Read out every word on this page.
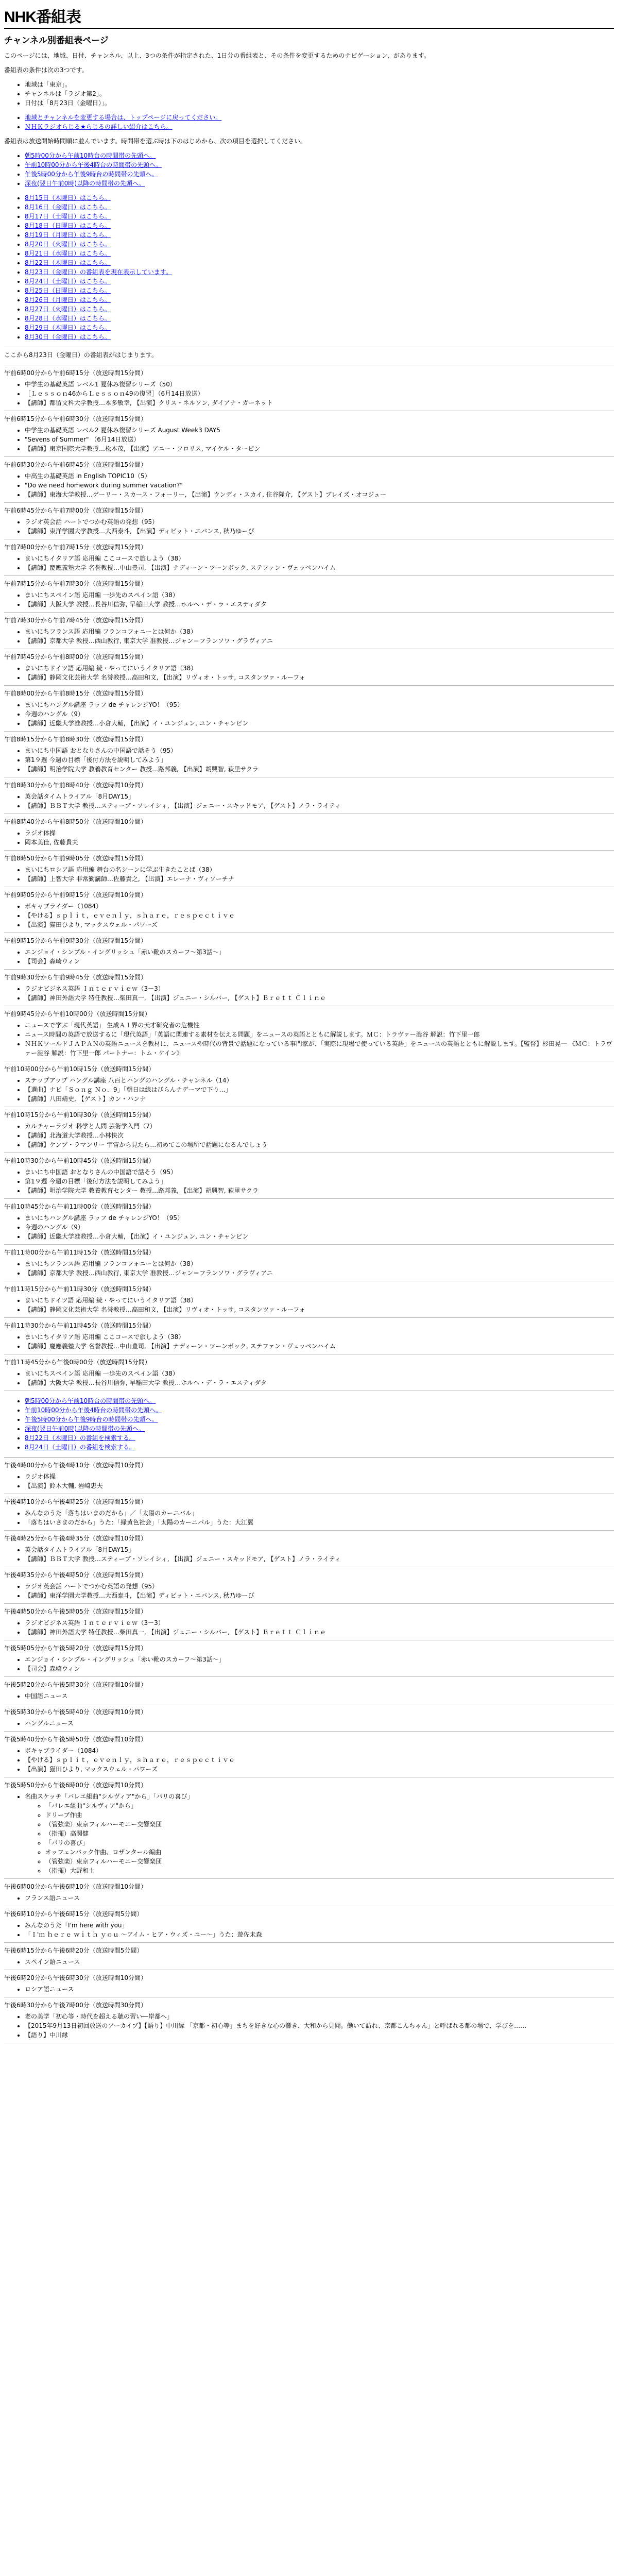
NHK番組表
チャンネル別番組表ページ

このページには、地域、日付、チャンネル、以上、3つの条件が指定された、1日分の番組表と、その条件を変更するためのナビゲーション、があります。

番組表の条件は次の3つです。

• 地域は「東京」。
• チャンネルは「ラジオ第2」。
• 日付は「8月23日（金曜日）」。
• 地域とチャンネルを変更する場合は、トップページに戻ってください。
• ＮＨＫラジオらじる★らじるの詳しい紹介はこちら。

番組表は放送開始時間順に並んでいます。時間帯を選ぶ時は下のはじめから、次の項目を選択してください。

• 朝5時00分から午前10時台の時間帯の先頭へ。
• 午前10時00分から午後4時台の時間帯の先頭へ。
• 午後5時00分から午後9時台の時間帯の先頭へ。
• 深夜(翌日午前0時)以降の時間帯の先頭へ。
• 8月15日（木曜日）はこちら。
• 8月16日（金曜日）はこちら。
• 8月17日（土曜日）はこちら。
• 8月18日（日曜日）はこちら。
• 8月19日（月曜日）はこちら。
• 8月20日（火曜日）はこちら。
• 8月21日（水曜日）はこちら。
• 8月22日（木曜日）はこちら。
• 8月23日（金曜日）の番組表を現在表示しています。
• 8月24日（土曜日）はこちら。
• 8月25日（日曜日）はこちら。
• 8月26日（月曜日）はこちら。
• 8月27日（火曜日）はこちら。
• 8月28日（水曜日）はこちら。
• 8月29日（木曜日）はこちら。
• 8月30日（金曜日）はこちら。

ここから8月23日（金曜日）の番組表がはじまります。

午前6時00分から午前6時15分（放送時間15分間）
• 中学生の基礎英語 レベル1 夏休み復習シリーズ（50）
• ［Ｌｅｓｓｏｎ46からＬｅｓｓｏｎ49の復習］（6月14日放送）
• 【講師】都留文科大学教授…本多敏幸, 【出演】クリス・ネルソン, ダイアナ・ガーネット
午前6時15分から午前6時30分（放送時間15分間）
• 中学生の基礎英語 レベル2 夏休み復習シリーズ August Week3 DAY5
• "Sevens of Summer" （6月14日放送）
• 【講師】東京国際大学教授…松本茂, 【出演】アニー・フロリス, マイケル・ターピン
午前6時30分から午前6時45分（放送時間15分間）
• 中高生の基礎英語 in English TOPIC10（5）
• "Do we need homework during summer vacation?"
• 【講師】東海大学教授…ゲーリー・スカース・フォーリー, 【出演】ウンディ・スカイ, 住谷隆介, 【ゲスト】ブレイズ・オコジュー
午前6時45分から午前7時00分（放送時間15分間）
• ラジオ英会話 ハートでつかむ英語の発想（95）
• 【講師】東洋学園大学教授…大西泰斗, 【出演】ディビット・エバンス, 秋乃ゆーぴ
午前7時00分から午前7時15分（放送時間15分間）
• まいにちイタリア語 応用編 ここコースで旅しよう（38）
• 【講師】慶應義塾大学 名誉教授…中山豊司, 【出演】ナディーン・ツーンボック, ステファン・ヴェッペンハイム
午前7時15分から午前7時30分（放送時間15分間）
• まいにちスペイン語 応用編 一歩先のスペイン語（38）
• 【講師】大阪大学 教授…長谷川信弥, 早稲田大学 教授…ホルヘ・デ・ラ・エスティダタ
午前7時30分から午前7時45分（放送時間15分間）
• まいにちフランス語 応用編 フランコフォニーとは何か（38）
• 【講師】京都大学 教授…西山教行, 東京大学 准教授…ジャン＝フランソワ・グラヴィアニ
午前7時45分から午前8時00分（放送時間15分間）
• まいにちドイツ語 応用編 続・やってにいうイタリア語（38）
• 【講師】静岡文化芸術大学 名誉教授…高田和文, 【出演】リヴィオ・トッサ, コスタンツァ・ルーフォ
午前8時00分から午前8時15分（放送時間15分間）
• まいにちハングル講座 ラッフ de チャレンジYO！（95）
• 今週のハングル（9）
• 【講師】近畿大学准教授…小倉大輔, 【出演】イ・ユンジュン, ユン・チャンビン
午前8時15分から午前8時30分（放送時間15分間）
• まいにち中国語 おとなりさんの中国語で話そう（95）
• 第1９週 今週の目標「後付方法を説明してみよう」
• 【講師】明治学院大学 教養教育センター 教授…路邦義, 【出演】胡興智, 萩里サクラ
午前8時30分から午前8時40分（放送時間10分間）
• 英会話タイムトライアル「8月DAY15」
• 【講師】ＢＢＴ大学 教授…スティーブ・ソレイシィ, 【出演】ジェニー・スキッドモア, 【ゲスト】ノラ・ライティ
午前8時40分から午前8時50分（放送時間10分間）
• ラジオ体操
• 岡本美佳, 佐藤貴夫
午前8時50分から午前9時05分（放送時間15分間）
• まいにちロシア語 応用編 舞台の名シーンに学ぶ生きたことば（38）
• 【講師】上智大学 非常勤講師…佐藤貴之, 【出演】エレーナ・ヴィソーチナ
午前9時05分から午前9時15分（放送時間10分間）
• ボキャブライダー（1084）
• 【やける】ｓｐｌｉｔ，ｅｖｅｎｌｙ，ｓｈａｒｅ，ｒｅｓｐｅｃｔｉｖｅ
• 【出演】猫田ひより, マックスウェル・パワーズ
午前9時15分から午前9時30分（放送時間15分間）
• エンジョイ・シンプル・イングリッシュ「赤い靴のスカーフ～第3話～」
• 【司会】森崎ウィン
午前9時30分から午前9時45分（放送時間15分間）
• ラジオビジネス英語 Ｉｎｔｅｒｖｉｅｗ（3－3）
• 【講師】神田外語大学 特任教授…柴田真一, 【出演】ジェニー・シルバー, 【ゲスト】Ｂｒｅｔｔ Ｃｌｉｎｅ
午前9時45分から午前10時00分（放送時間15分間）
• ニュースで学ぶ「現代英語」 生成ＡＩ界の天才研究者の危機性
• ニュース時間の英語で放送するに「現代英語」「英語に関連する素材を伝える問題」をニュースの英語とともに解説します。ＭＣ：トラヴァー澁谷 解説：竹下里一郎
• ＮＨＫワールドＪＡＰＡＮの英語ニュースを教材に、ニュースや時代の背景で話題になっている事門家が、「実際に現場で使っている英語」をニュースの英語とともに解説します。【監督】杉田晃一 《ＭＣ：トラヴァー澁谷 解説：竹下里一郎 パートナー：トム・ケイン》
午前10時00分から午前10時15分（放送時間15分間）
• ステップアップ ハングル講座 八百とハングのハングル・チャンネル（14）
• 【選曲】ナビ「Ｓｏｎｇ Ｎｏ．9」「朝日は線はびらんナデーマで下り…」
• 【講師】八田靖史, 【ゲスト】カン・ハンナ
午前10時15分から午前10時30分（放送時間15分間）
• カルチャーラジオ 科学と人間 芸術学入門（7）
• 【講師】北海道大学教授…小林快次
• 【講師】ケンプ・ラマンリー 宇宙から見たら…初めてこの場所で話題になるんでしょう
午前10時30分から午前10時45分（放送時間15分間）
• まいにち中国語 おとなりさんの中国語で話そう（95）
• 第1９週 今週の目標「後付方法を説明してみよう」
• 【講師】明治学院大学 教養教育センター 教授…路邦義, 【出演】胡興智, 萩里サクラ
午前10時45分から午前11時00分（放送時間15分間）
• まいにちハングル講座 ラッフ de チャレンジYO！（95）
• 今週のハングル（9）
• 【講師】近畿大学准教授…小倉大輔, 【出演】イ・ユンジュン, ユン・チャンビン
午前11時00分から午前11時15分（放送時間15分間）
• まいにちフランス語 応用編 フランコフォニーとは何か（38）
• 【講師】京都大学 教授…西山教行, 東京大学 准教授…ジャン＝フランソワ・グラヴィアニ
午前11時15分から午前11時30分（放送時間15分間）
• まいにちドイツ語 応用編 続・やってにいうイタリア語（38）
• 【講師】静岡文化芸術大学 名誉教授…高田和文, 【出演】リヴィオ・トッサ, コスタンツァ・ルーフォ
午前11時30分から午前11時45分（放送時間15分間）
• まいにちイタリア語 応用編 ここコースで旅しよう（38）
• 【講師】慶應義塾大学 名誉教授…中山豊司, 【出演】ナディーン・ツーンボック, ステファン・ヴェッペンハイム
午前11時45分から午後0時00分（放送時間15分間）
• まいにちスペイン語 応用編 一歩先のスペイン語（38）
• 【講師】大阪大学 教授…長谷川信弥, 早稲田大学 教授…ホルヘ・デ・ラ・エスティダタ
• 朝5時00分から午前10時台の時間帯の先頭へ。
• 午前10時00分から午後4時台の時間帯の先頭へ。
• 午後5時00分から午後9時台の時間帯の先頭へ。
• 深夜(翌日午前0時)以降の時間帯の先頭へ。
• 8月22日（木曜日）の番組を検索する。
• 8月24日（土曜日）の番組を検索する。
午後4時00分から午後4時10分（放送時間10分間）
• ラジオ体操
• 【出演】鈴木大輔, 岩崎恵夫
午後4時10分から午後4時25分（放送時間15分間）
• みんなのうた「落ちはいまのだから」／「太陽のカーニバル」
• 「落ちはいさまのだから」うた：「緑黄色社会」「太陽のカーニバル」うた：大江翼
午後4時25分から午後4時35分（放送時間10分間）
• 英会話タイムトライアル「8月DAY15」
• 【講師】ＢＢＴ大学 教授…スティーブ・ソレイシィ, 【出演】ジェニー・スキッドモア, 【ゲスト】ノラ・ライティ
午後4時35分から午後4時50分（放送時間15分間）
• ラジオ英会話 ハートでつかむ英語の発想（95）
• 【講師】東洋学園大学教授…大西泰斗, 【出演】ディビット・エバンス, 秋乃ゆーぴ
午後4時50分から午後5時05分（放送時間15分間）
• ラジオビジネス英語 Ｉｎｔｅｒｖｉｅｗ（3－3）
• 【講師】神田外語大学 特任教授…柴田真一, 【出演】ジェニー・シルバー, 【ゲスト】Ｂｒｅｔｔ Ｃｌｉｎｅ
午後5時05分から午後5時20分（放送時間15分間）
• エンジョイ・シンプル・イングリッシュ「赤い靴のスカーフ～第3話～」
• 【司会】森崎ウィン
午後5時20分から午後5時30分（放送時間10分間）
• 中国語ニュース
午後5時30分から午後5時40分（放送時間10分間）
• ハングルニュース
午後5時40分から午後5時50分（放送時間10分間）
• ボキャブライダー（1084）
• 【やける】ｓｐｌｉｔ，ｅｖｅｎｌｙ，ｓｈａｒｅ，ｒｅｓｐｅｃｔｉｖｅ
• 【出演】猫田ひより, マックスウェル・パワーズ
午後5時50分から午後6時00分（放送時間10分間）
• 名曲スケッチ「バレエ組曲"シルヴィア"から」「パリの喜び」
◦ 「バレエ組曲"シルヴィア"から」
◦ ドリーブ作曲
◦ （管弦楽）東京フィルハーモニー交響楽団
◦ （指揮）高関健
◦ 「パリの喜び」
◦ オッフェンバック作曲、ロザンタール編曲
◦ （管弦楽）東京フィルハーモニー交響楽団
◦ （指揮）大野和士
午後6時00分から午後6時10分（放送時間10分間）
• フランス語ニュース
午後6時10分から午後6時15分（放送時間5分間）
• みんなのうた「I'm here with you」
• 「Ｉ'ｍ ｈｅｒｅ ｗｉｔｈ ｙｏｕ ～アイム・ヒア・ウィズ・ユー～」うた：遊佐未森
午後6時15分から午後6時20分（放送時間5分間）
• スペイン語ニュース
午後6時20分から午後6時30分（放送時間10分間）
• ロシア語ニュース
午後6時30分から午後7時00分（放送時間30分間）
• 老の美学「初心等・時代を超える聴の習い―岸都へ」
• 【2015年9月13日初回放送のアーカイブ】【語り】中川縁 「京都・初心等」まちを好きな心の響き、大和から見聞。働いて訪れ、京都こんちゃん」と呼ばれる都の場で、学びを……
• 【語り】中川縁
